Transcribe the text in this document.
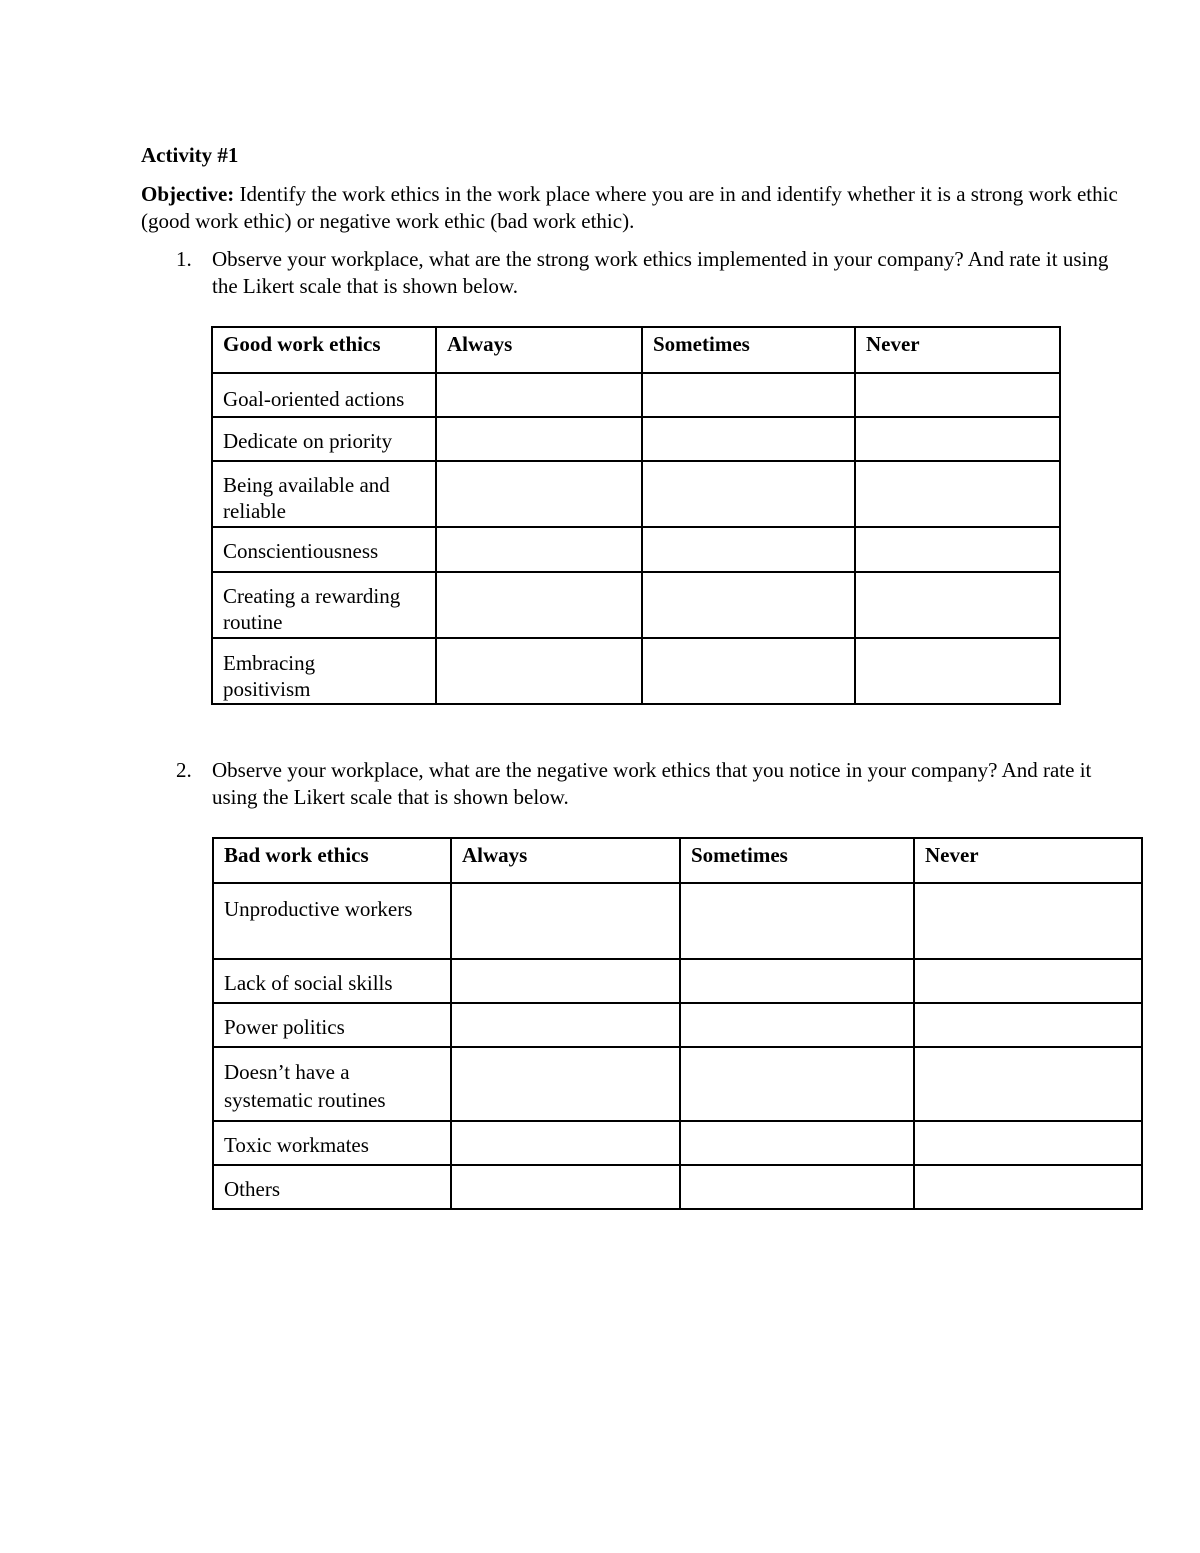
Activity #1
Objective: Identify the work ethics in the work place where you are in and identify whether it is a strong work ethic (good work ethic) or negative work ethic (bad work ethic).
1. Observe your workplace, what are the strong work ethics implemented in your company? And rate it using the Likert scale that is shown below.
Good work ethics	Always	Sometimes	Never
Goal-oriented actions			
Dedicate on priority			
Being available and reliable			
Conscientiousness			
Creating a rewarding routine			
Embracing positivism			
2. Observe your workplace, what are the negative work ethics that you notice in your company? And rate it using the Likert scale that is shown below.
Bad work ethics	Always	Sometimes	Never
Unproductive workers			
Lack of social skills			
Power politics			
Doesn’t have a systematic routines			
Toxic workmates			
Others			
